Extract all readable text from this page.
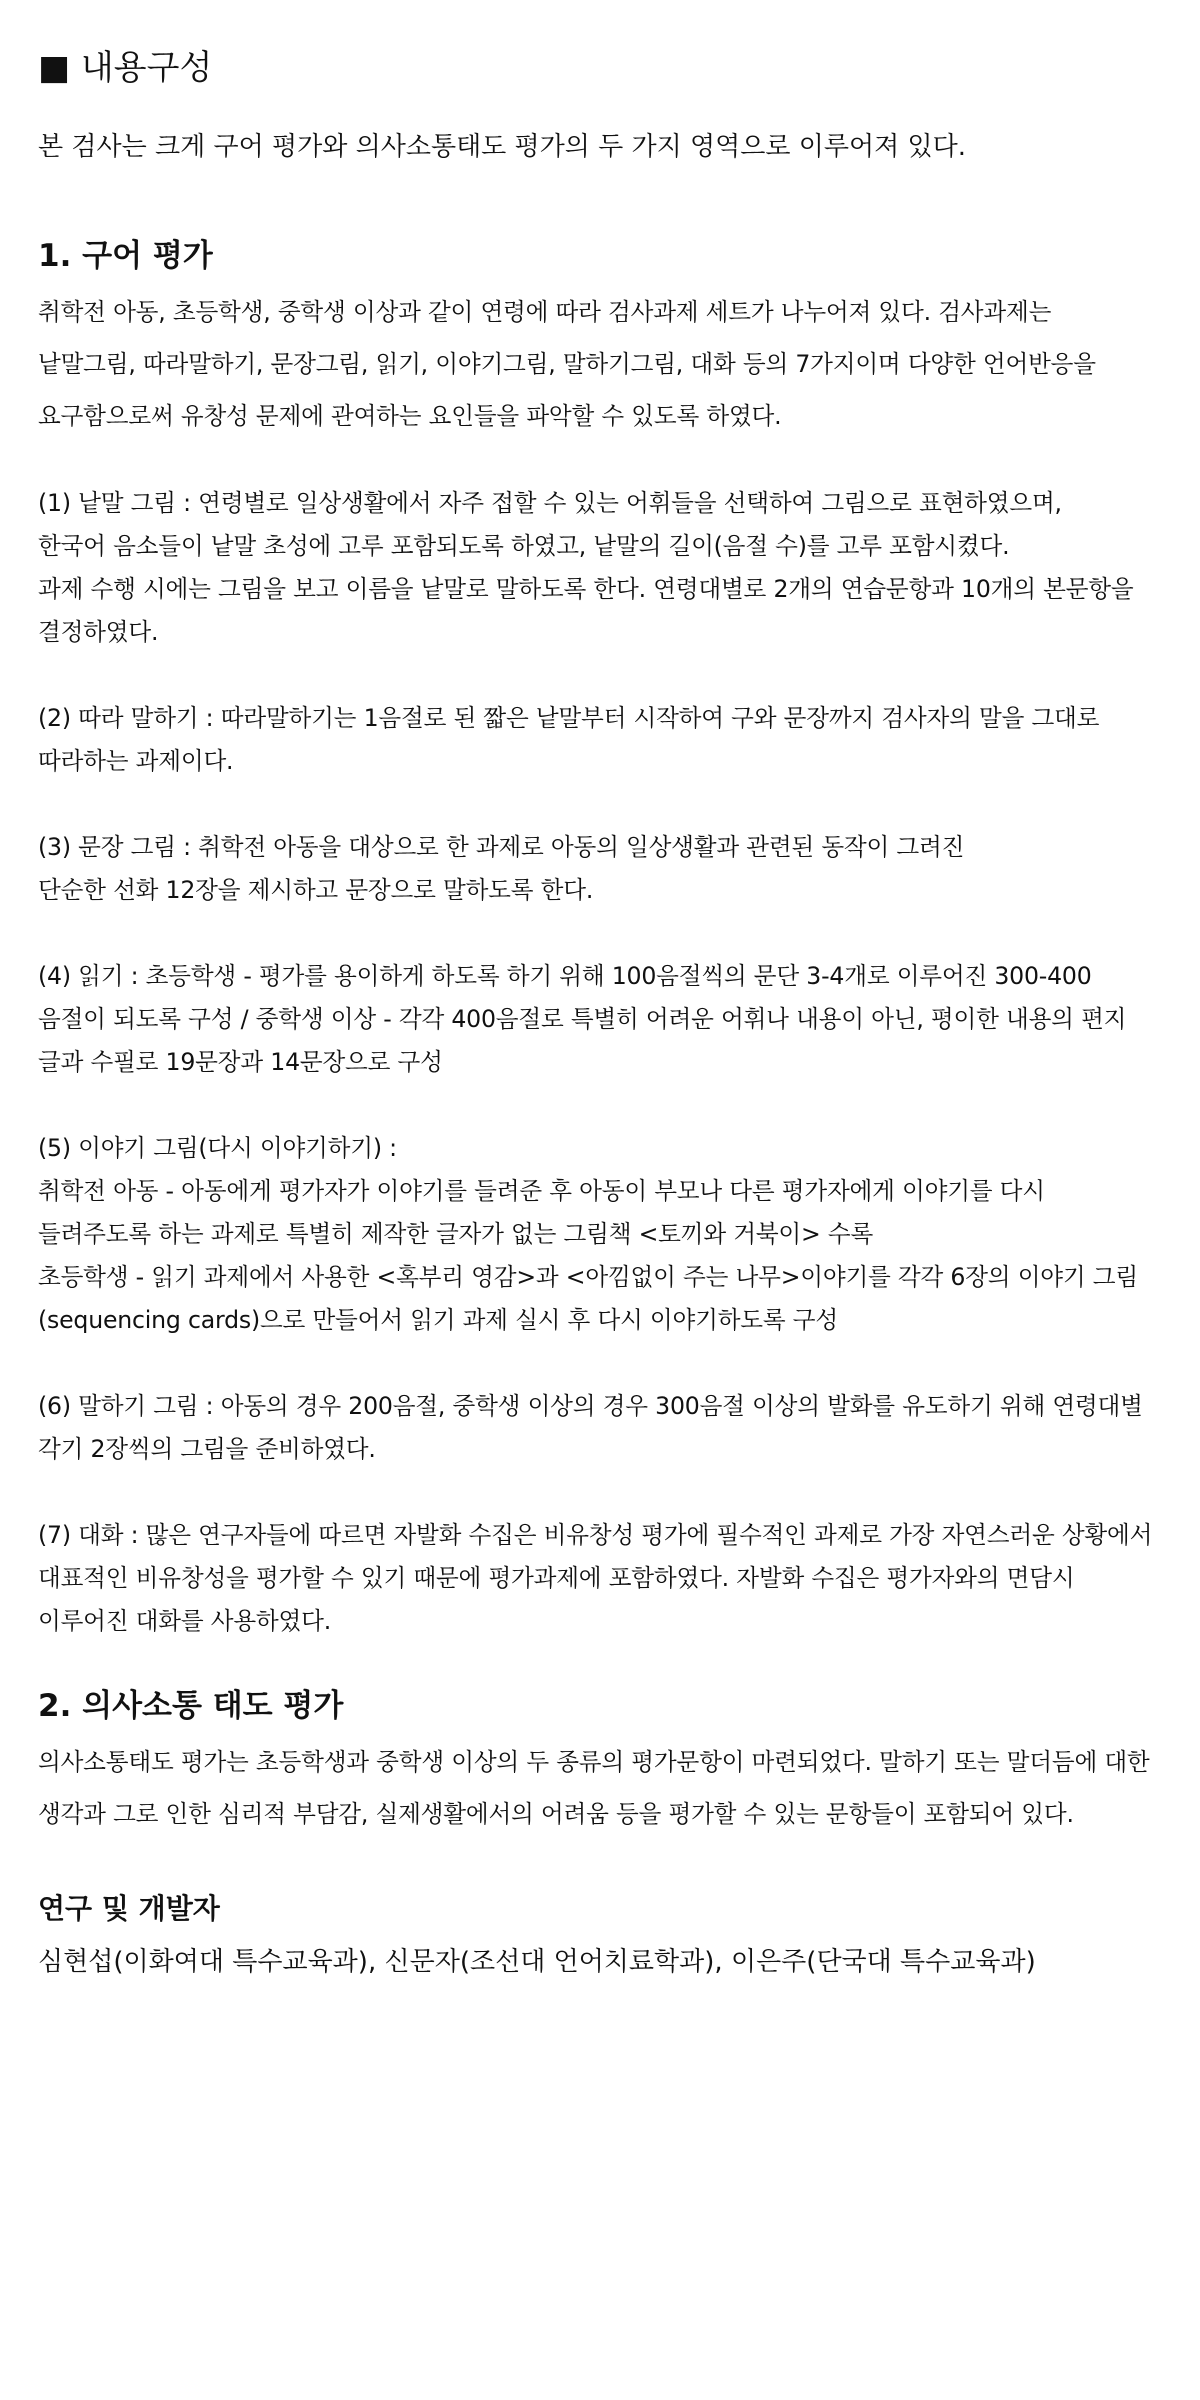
■ 내용구성
본 검사는 크게 구어 평가와 의사소통태도 평가의 두 가지 영역으로 이루어져 있다.
1. 구어 평가
취학전 아동, 초등학생, 중학생 이상과 같이 연령에 따라 검사과제 세트가 나누어져 있다. 검사과제는
낱말그림, 따라말하기, 문장그림, 읽기, 이야기그림, 말하기그림, 대화 등의 7가지이며 다양한 언어반응을
요구함으로써 유창성 문제에 관여하는 요인들을 파악할 수 있도록 하였다.
(1) 낱말 그림 : 연령별로 일상생활에서 자주 접할 수 있는 어휘들을 선택하여 그림으로 표현하였으며,
한국어 음소들이 낱말 초성에 고루 포함되도록 하였고, 낱말의 길이(음절 수)를 고루 포함시켰다.
과제 수행 시에는 그림을 보고 이름을 낱말로 말하도록 한다. 연령대별로 2개의 연습문항과 10개의 본문항을
결정하였다.
(2) 따라 말하기 : 따라말하기는 1음절로 된 짧은 낱말부터 시작하여 구와 문장까지 검사자의 말을 그대로
따라하는 과제이다.
(3) 문장 그림 : 취학전 아동을 대상으로 한 과제로 아동의 일상생활과 관련된 동작이 그려진
단순한 선화 12장을 제시하고 문장으로 말하도록 한다.
(4) 읽기 : 초등학생 - 평가를 용이하게 하도록 하기 위해 100음절씩의 문단 3-4개로 이루어진 300-400
음절이 되도록 구성 / 중학생 이상 - 각각 400음절로 특별히 어려운 어휘나 내용이 아닌, 평이한 내용의 편지
글과 수필로 19문장과 14문장으로 구성
(5) 이야기 그림(다시 이야기하기) :
취학전 아동 - 아동에게 평가자가 이야기를 들려준 후 아동이 부모나 다른 평가자에게 이야기를 다시
들려주도록 하는 과제로 특별히 제작한 글자가 없는 그림책 <토끼와 거북이> 수록
초등학생 - 읽기 과제에서 사용한 <혹부리 영감>과 <아낌없이 주는 나무>이야기를 각각 6장의 이야기 그림
(sequencing cards)으로 만들어서 읽기 과제 실시 후 다시 이야기하도록 구성
(6) 말하기 그림 : 아동의 경우 200음절, 중학생 이상의 경우 300음절 이상의 발화를 유도하기 위해 연령대별
각기 2장씩의 그림을 준비하였다.
(7) 대화 : 많은 연구자들에 따르면 자발화 수집은 비유창성 평가에 필수적인 과제로 가장 자연스러운 상황에서
대표적인 비유창성을 평가할 수 있기 때문에 평가과제에 포함하였다. 자발화 수집은 평가자와의 면담시
이루어진 대화를 사용하였다.
2. 의사소통 태도 평가
의사소통태도 평가는 초등학생과 중학생 이상의 두 종류의 평가문항이 마련되었다. 말하기 또는 말더듬에 대한
생각과 그로 인한 심리적 부담감, 실제생활에서의 어려움 등을 평가할 수 있는 문항들이 포함되어 있다.
연구 및 개발자
심현섭(이화여대 특수교육과), 신문자(조선대 언어치료학과), 이은주(단국대 특수교육과)
